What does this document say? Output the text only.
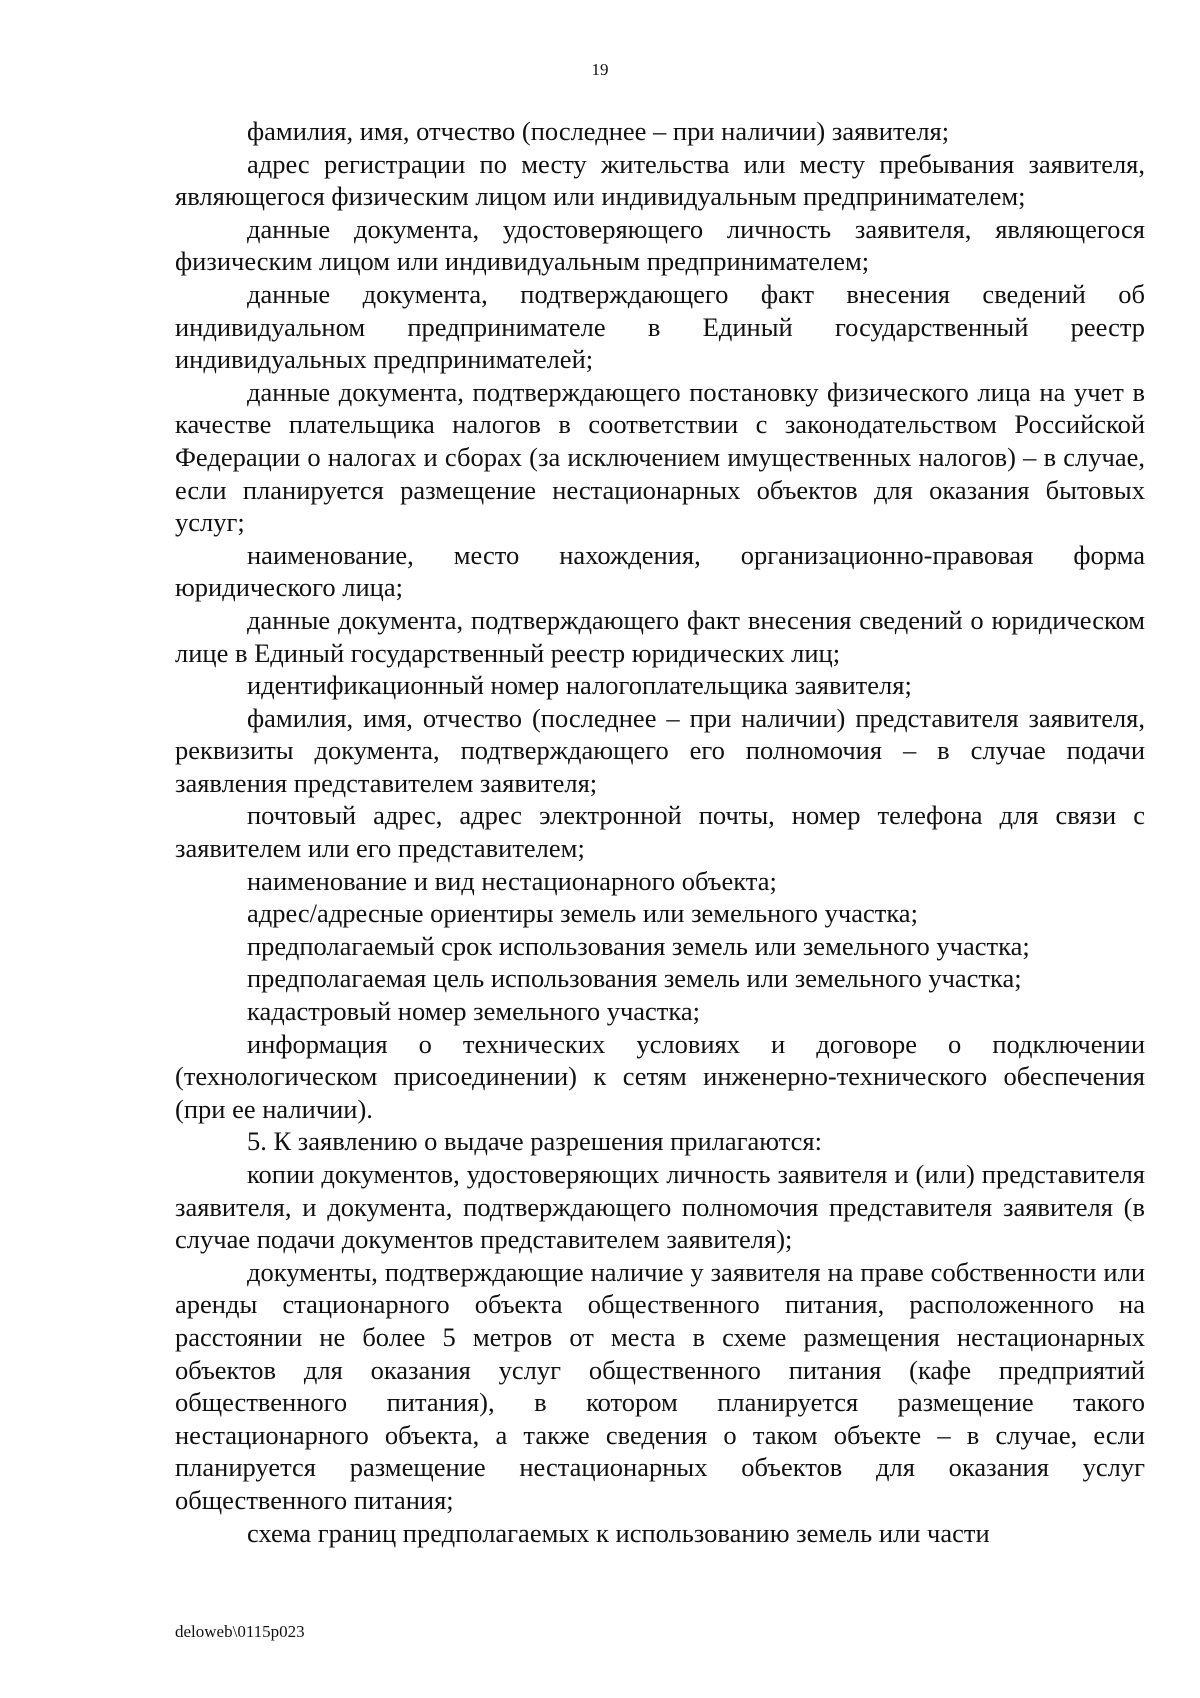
19

фамилия, имя, отчество (последнее – при наличии) заявителя;

адрес регистрации по месту жительства или месту пребывания заявителя, являющегося физическим лицом или индивидуальным предпринимателем;

данные документа, удостоверяющего личность заявителя, являющегося физическим лицом или индивидуальным предпринимателем;

данные документа, подтверждающего факт внесения сведений об индивидуальном предпринимателе в Единый государственный реестр индивидуальных предпринимателей;

данные документа, подтверждающего постановку физического лица на учет в качестве плательщика налогов в соответствии с законодательством Российской Федерации о налогах и сборах (за исключением имущественных налогов) – в случае, если планируется размещение нестационарных объектов для оказания бытовых услуг;

наименование, место нахождения, организационно-правовая форма юридического лица;

данные документа, подтверждающего факт внесения сведений о юридическом лице в Единый государственный реестр юридических лиц;

идентификационный номер налогоплательщика заявителя;

фамилия, имя, отчество (последнее – при наличии) представителя заявителя, реквизиты документа, подтверждающего его полномочия – в случае подачи заявления представителем заявителя;

почтовый адрес, адрес электронной почты, номер телефона для связи с заявителем или его представителем;

наименование и вид нестационарного объекта;

адрес/адресные ориентиры земель или земельного участка;

предполагаемый срок использования земель или земельного участка;

предполагаемая цель использования земель или земельного участка;

кадастровый номер земельного участка;

информация о технических условиях и договоре о подключении (технологическом присоединении) к сетям инженерно-технического обеспечения (при ее наличии).

5. К заявлению о выдаче разрешения прилагаются:

копии документов, удостоверяющих личность заявителя и (или) представителя заявителя, и документа, подтверждающего полномочия представителя заявителя (в случае подачи документов представителем заявителя);

документы, подтверждающие наличие у заявителя на праве собственности или аренды стационарного объекта общественного питания, расположенного на расстоянии не более 5 метров от места в схеме размещения нестационарных объектов для оказания услуг общественного питания (кафе предприятий общественного питания), в котором планируется размещение такого нестационарного объекта, а также сведения о таком объекте – в случае, если планируется размещение нестационарных объектов для оказания услуг общественного питания;

схема границ предполагаемых к использованию земель или части

deloweb\0115p023
